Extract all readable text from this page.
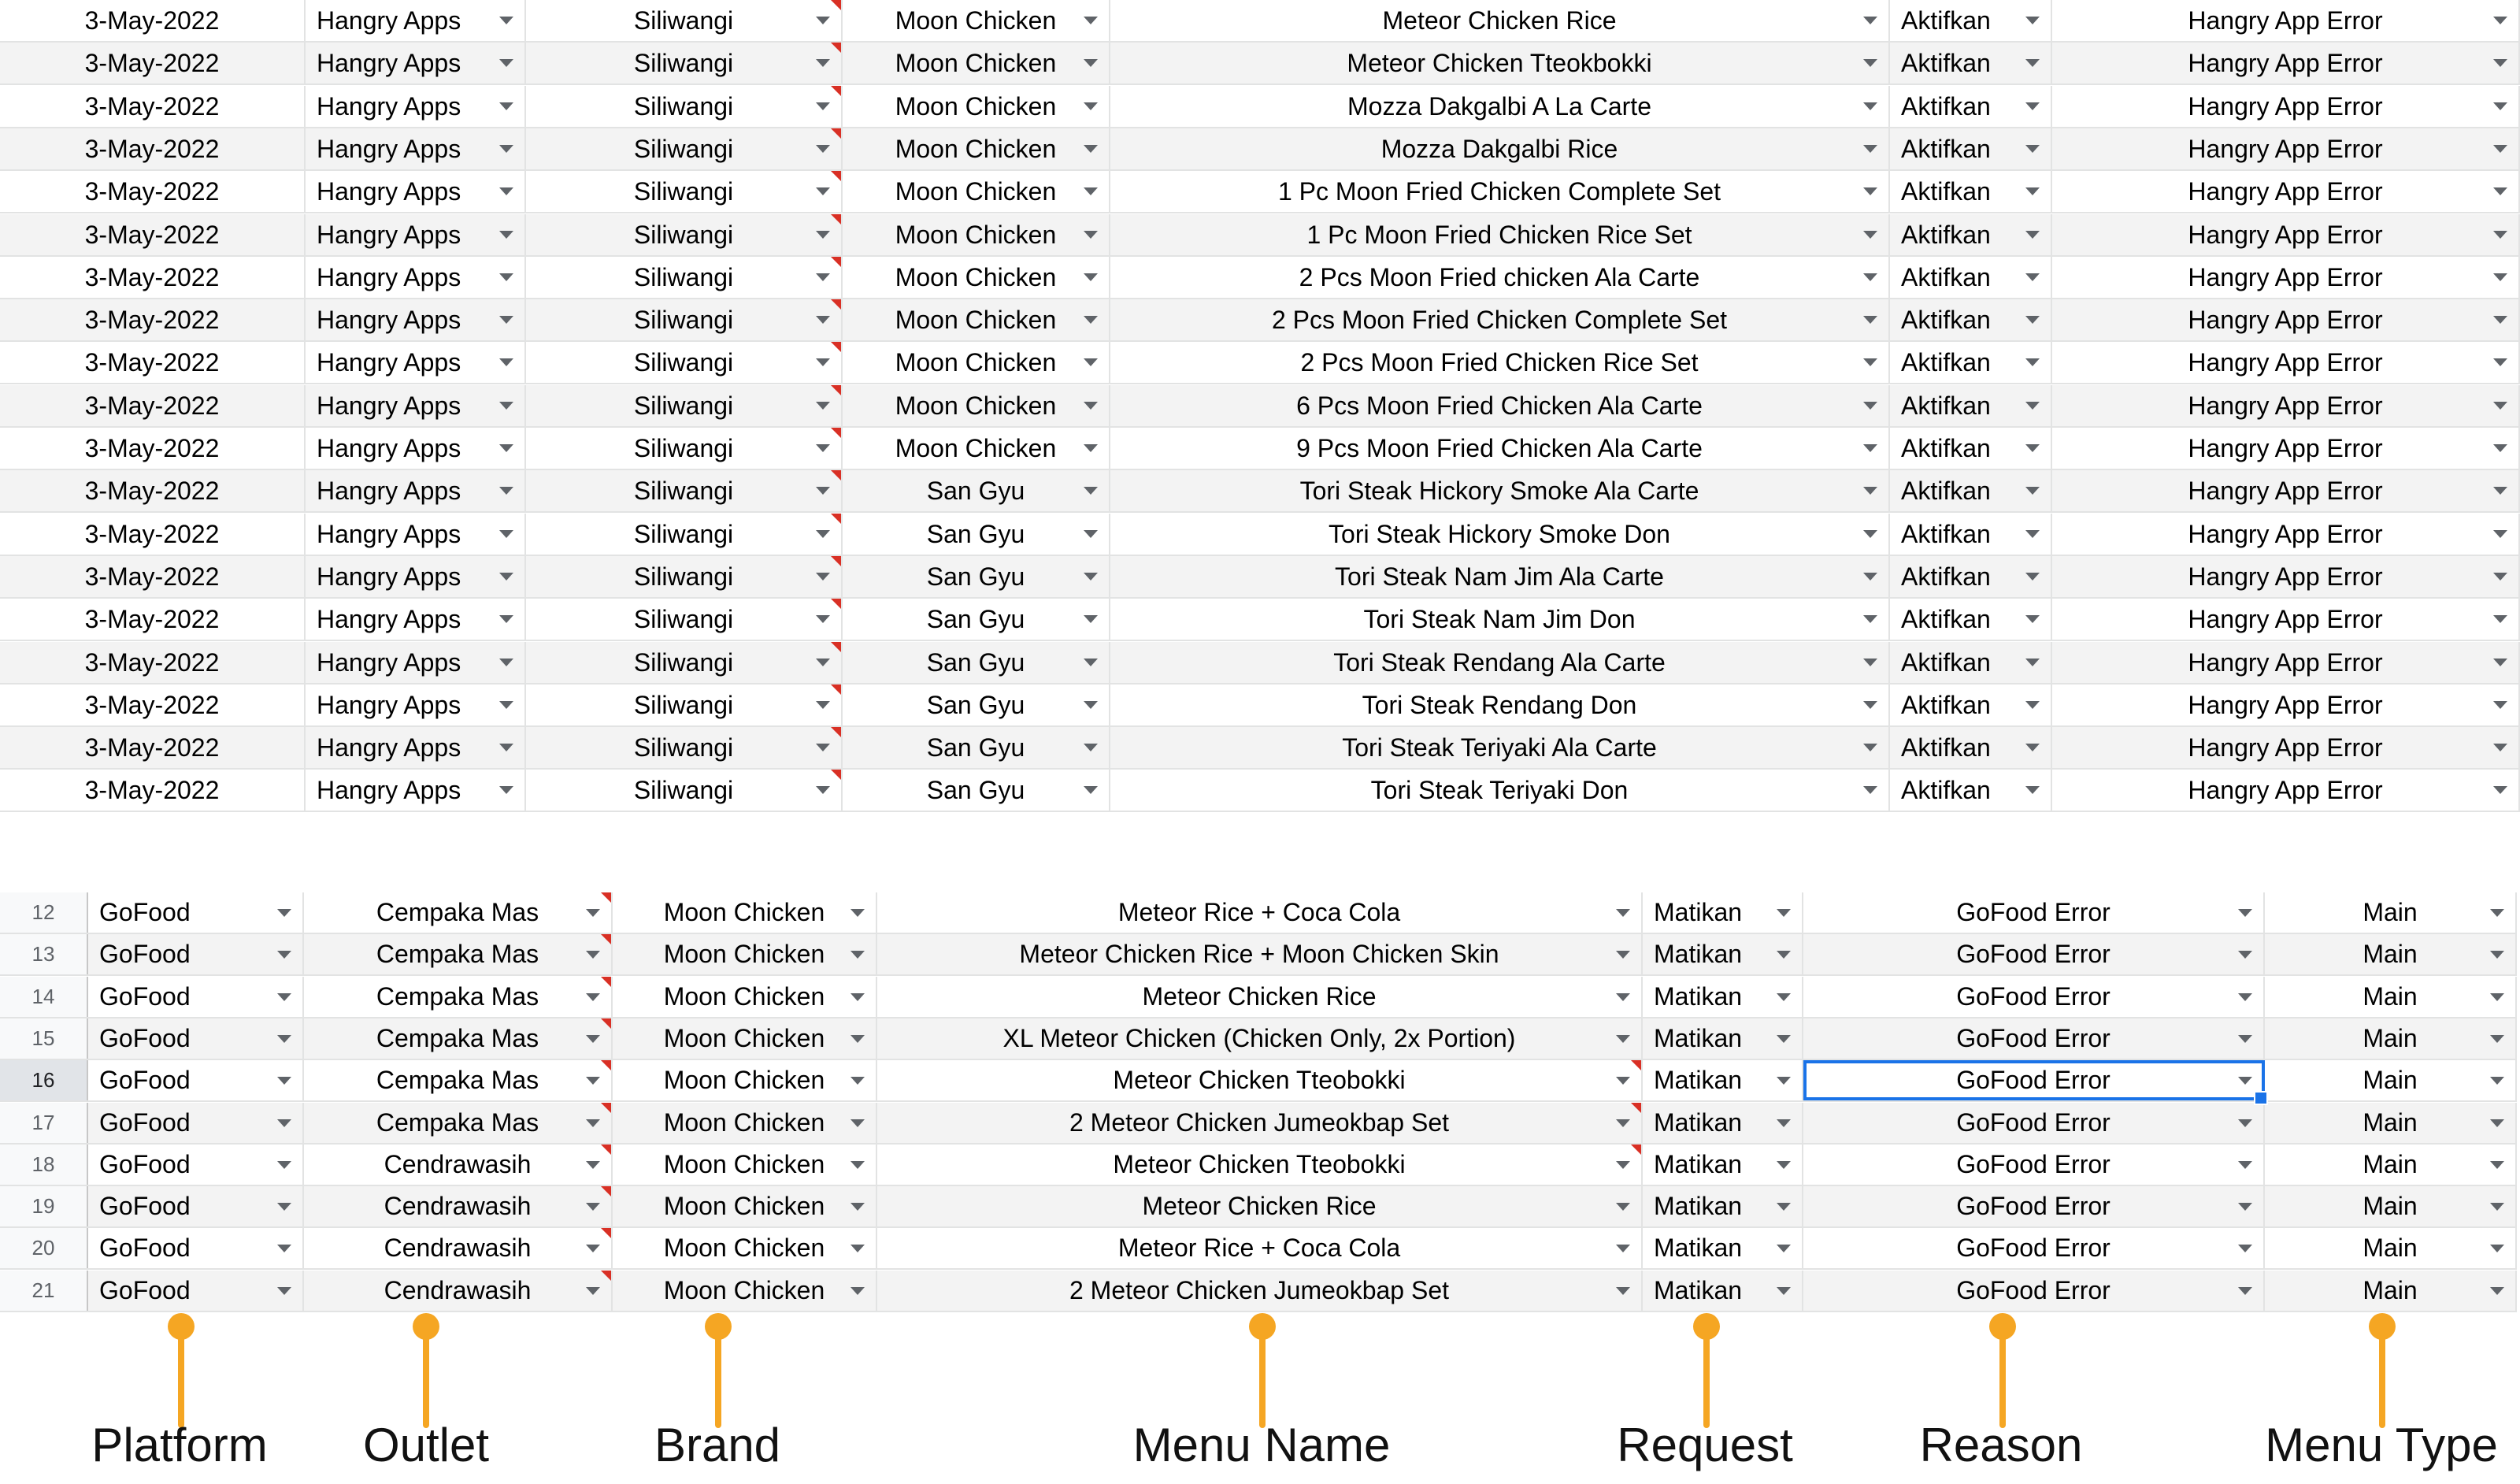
3-May-2022	Hangry Apps	Siliwangi	Moon Chicken	Meteor Chicken Rice	Aktifkan	Hangry App Error
3-May-2022	Hangry Apps	Siliwangi	Moon Chicken	Meteor Chicken Tteokbokki	Aktifkan	Hangry App Error
3-May-2022	Hangry Apps	Siliwangi	Moon Chicken	Mozza Dakgalbi A La Carte	Aktifkan	Hangry App Error
3-May-2022	Hangry Apps	Siliwangi	Moon Chicken	Mozza Dakgalbi Rice	Aktifkan	Hangry App Error
3-May-2022	Hangry Apps	Siliwangi	Moon Chicken	1 Pc Moon Fried Chicken Complete Set	Aktifkan	Hangry App Error
3-May-2022	Hangry Apps	Siliwangi	Moon Chicken	1 Pc Moon Fried Chicken Rice Set	Aktifkan	Hangry App Error
3-May-2022	Hangry Apps	Siliwangi	Moon Chicken	2 Pcs Moon Fried chicken Ala Carte	Aktifkan	Hangry App Error
3-May-2022	Hangry Apps	Siliwangi	Moon Chicken	2 Pcs Moon Fried Chicken Complete Set	Aktifkan	Hangry App Error
3-May-2022	Hangry Apps	Siliwangi	Moon Chicken	2 Pcs Moon Fried Chicken Rice Set	Aktifkan	Hangry App Error
3-May-2022	Hangry Apps	Siliwangi	Moon Chicken	6 Pcs Moon Fried Chicken Ala Carte	Aktifkan	Hangry App Error
3-May-2022	Hangry Apps	Siliwangi	Moon Chicken	9 Pcs Moon Fried Chicken Ala Carte	Aktifkan	Hangry App Error
3-May-2022	Hangry Apps	Siliwangi	San Gyu	Tori Steak Hickory Smoke Ala Carte	Aktifkan	Hangry App Error
3-May-2022	Hangry Apps	Siliwangi	San Gyu	Tori Steak Hickory Smoke Don	Aktifkan	Hangry App Error
3-May-2022	Hangry Apps	Siliwangi	San Gyu	Tori Steak Nam Jim Ala Carte	Aktifkan	Hangry App Error
3-May-2022	Hangry Apps	Siliwangi	San Gyu	Tori Steak Nam Jim Don	Aktifkan	Hangry App Error
3-May-2022	Hangry Apps	Siliwangi	San Gyu	Tori Steak Rendang Ala Carte	Aktifkan	Hangry App Error
3-May-2022	Hangry Apps	Siliwangi	San Gyu	Tori Steak Rendang Don	Aktifkan	Hangry App Error
3-May-2022	Hangry Apps	Siliwangi	San Gyu	Tori Steak Teriyaki Ala Carte	Aktifkan	Hangry App Error
3-May-2022	Hangry Apps	Siliwangi	San Gyu	Tori Steak Teriyaki Don	Aktifkan	Hangry App Error
12	GoFood	Cempaka Mas	Moon Chicken	Meteor Rice + Coca Cola	Matikan	GoFood Error	Main
13	GoFood	Cempaka Mas	Moon Chicken	Meteor Chicken Rice + Moon Chicken Skin	Matikan	GoFood Error	Main
14	GoFood	Cempaka Mas	Moon Chicken	Meteor Chicken Rice	Matikan	GoFood Error	Main
15	GoFood	Cempaka Mas	Moon Chicken	XL Meteor Chicken (Chicken Only, 2x Portion)	Matikan	GoFood Error	Main
16	GoFood	Cempaka Mas	Moon Chicken	Meteor Chicken Tteobokki	Matikan	GoFood Error	Main
17	GoFood	Cempaka Mas	Moon Chicken	2 Meteor Chicken Jumeokbap Set	Matikan	GoFood Error	Main
18	GoFood	Cendrawasih	Moon Chicken	Meteor Chicken Tteobokki	Matikan	GoFood Error	Main
19	GoFood	Cendrawasih	Moon Chicken	Meteor Chicken Rice	Matikan	GoFood Error	Main
20	GoFood	Cendrawasih	Moon Chicken	Meteor Rice + Coca Cola	Matikan	GoFood Error	Main
21	GoFood	Cendrawasih	Moon Chicken	2 Meteor Chicken Jumeokbap Set	Matikan	GoFood Error	Main
Platform Outlet	Brand	Menu Name	Request	Reason	Menu Type
